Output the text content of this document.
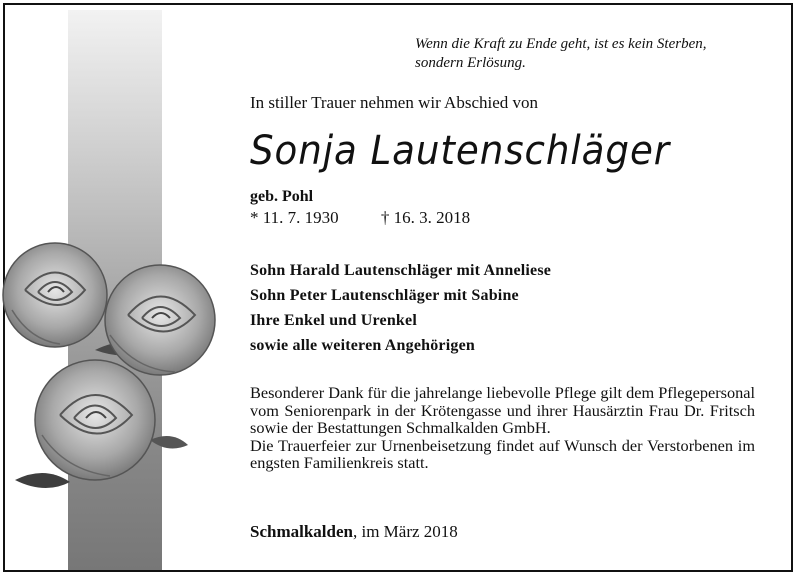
Wenn die Kraft zu Ende geht, ist es kein Sterben,
sondern Erlösung.
In stiller Trauer nehmen wir Abschied von
Sonja Lautenschläger
geb. Pohl
* 11. 7. 1930 † 16. 3. 2018
Sohn Harald Lautenschläger mit Anneliese
Sohn Peter Lautenschläger mit Sabine
Ihre Enkel und Urenkel
sowie alle weiteren Angehörigen

Besonderer Dank für die jahrelange liebevolle Pflege gilt dem Pflegepersonal vom Seniorenpark in der Krötengasse und ihrer Hausärztin Frau Dr. Fritsch sowie der Bestattungen Schmalkalden GmbH.

Die Trauerfeier zur Urnenbeisetzung findet auf Wunsch der Verstorbenen im engsten Familienkreis statt.

Schmalkalden, im März 2018
